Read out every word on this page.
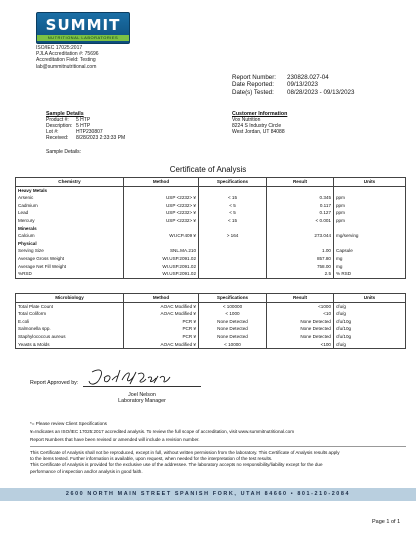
SUMMIT
NUTRITIONAL LABORATORIES
ISO/IEC 17025:2017
PJLA Accreditation #: 75696
Accreditation Field: Testing
lab@summitnutritional.com
Report Number: 230828.027-04
Date Reported: 09/13/2023
Date(s) Tested: 08/28/2023 - 09/13/2023
Sample Details
Product #: 5 HTP
Description: 5 HTP
Lot #:	HTP230807
Received: 8/28/2023 2:33:33 PM
Customer Information
Vox Nutrition
8224 S Industry Circle
West Jordan, UT 84088
Sample Details:
Certificate of Analysis
Chemistry	Method	Specifications	Result	Units
Heavy Metals				
Arsenic	USP <2232> ¥	< 15	0.345	ppm
Cadmium	USP <2232> ¥	< 5	0.117	ppm
Lead	USP <2232> ¥	< 5	0.127	ppm
Mercury	USP <2232> ¥	< 15	< 0.001	ppm
Minerals				
Calcium	WI.ICP.409 ¥	> 164	273.044	mg/serving
Physical				
Serving Size	SNL.MA.210		1.00	Capsule
Average Gross Weight	WI.USP.2091.02		857.80	mg
Average Net Fill Weight	WI.USP.2091.02		758.00	mg
%RSD	WI.USP.2091.02		2.5	% RSD
Microbiology	Method	Specifications	Result	Units
Total Plate Count	AOAC Modified ¥	< 100000	<1000	cfu/g
Total Coliform	AOAC Modified ¥	< 1000	<10	cfu/g
E.coli	PCR ¥	None Detected	None Detected	cfu/10g
Salmonella spp.	PCR ¥	None Detected	None Detected	cfu/10g
Staphylococcus aureus	PCR ¥	None Detected	None Detected	cfu/10g
Yeasts & Molds	AOAC Modified ¥	< 10000	<100	cfu/g
Report Approved by:
Joel Nelson
Laboratory Manager
*= Please review Client Specifications
¥=Indicates an ISO/IEC 17025:2017 accredited analysis. To review the full scope of accreditation, visit www.summitnutritional.com
Report Numbers that have been revised or amended will include a revision number.
This Certificate of Analysis shall not be reproduced, except in full, without written permission from the laboratory. This Certificate of Analysis results apply
to the items tested. Further information is available, upon request, when needed for the interpretation of the test results.
This Certificate of Analysis is provided for the exclusive use of the addressee. The laboratory accepts no responsibility/liability except for the due
performance of inspection and/or analysis in good faith.
2600 NORTH MAIN STREET SPANISH FORK, UTAH 84660 • 801-210-2084
Page 1 of 1
